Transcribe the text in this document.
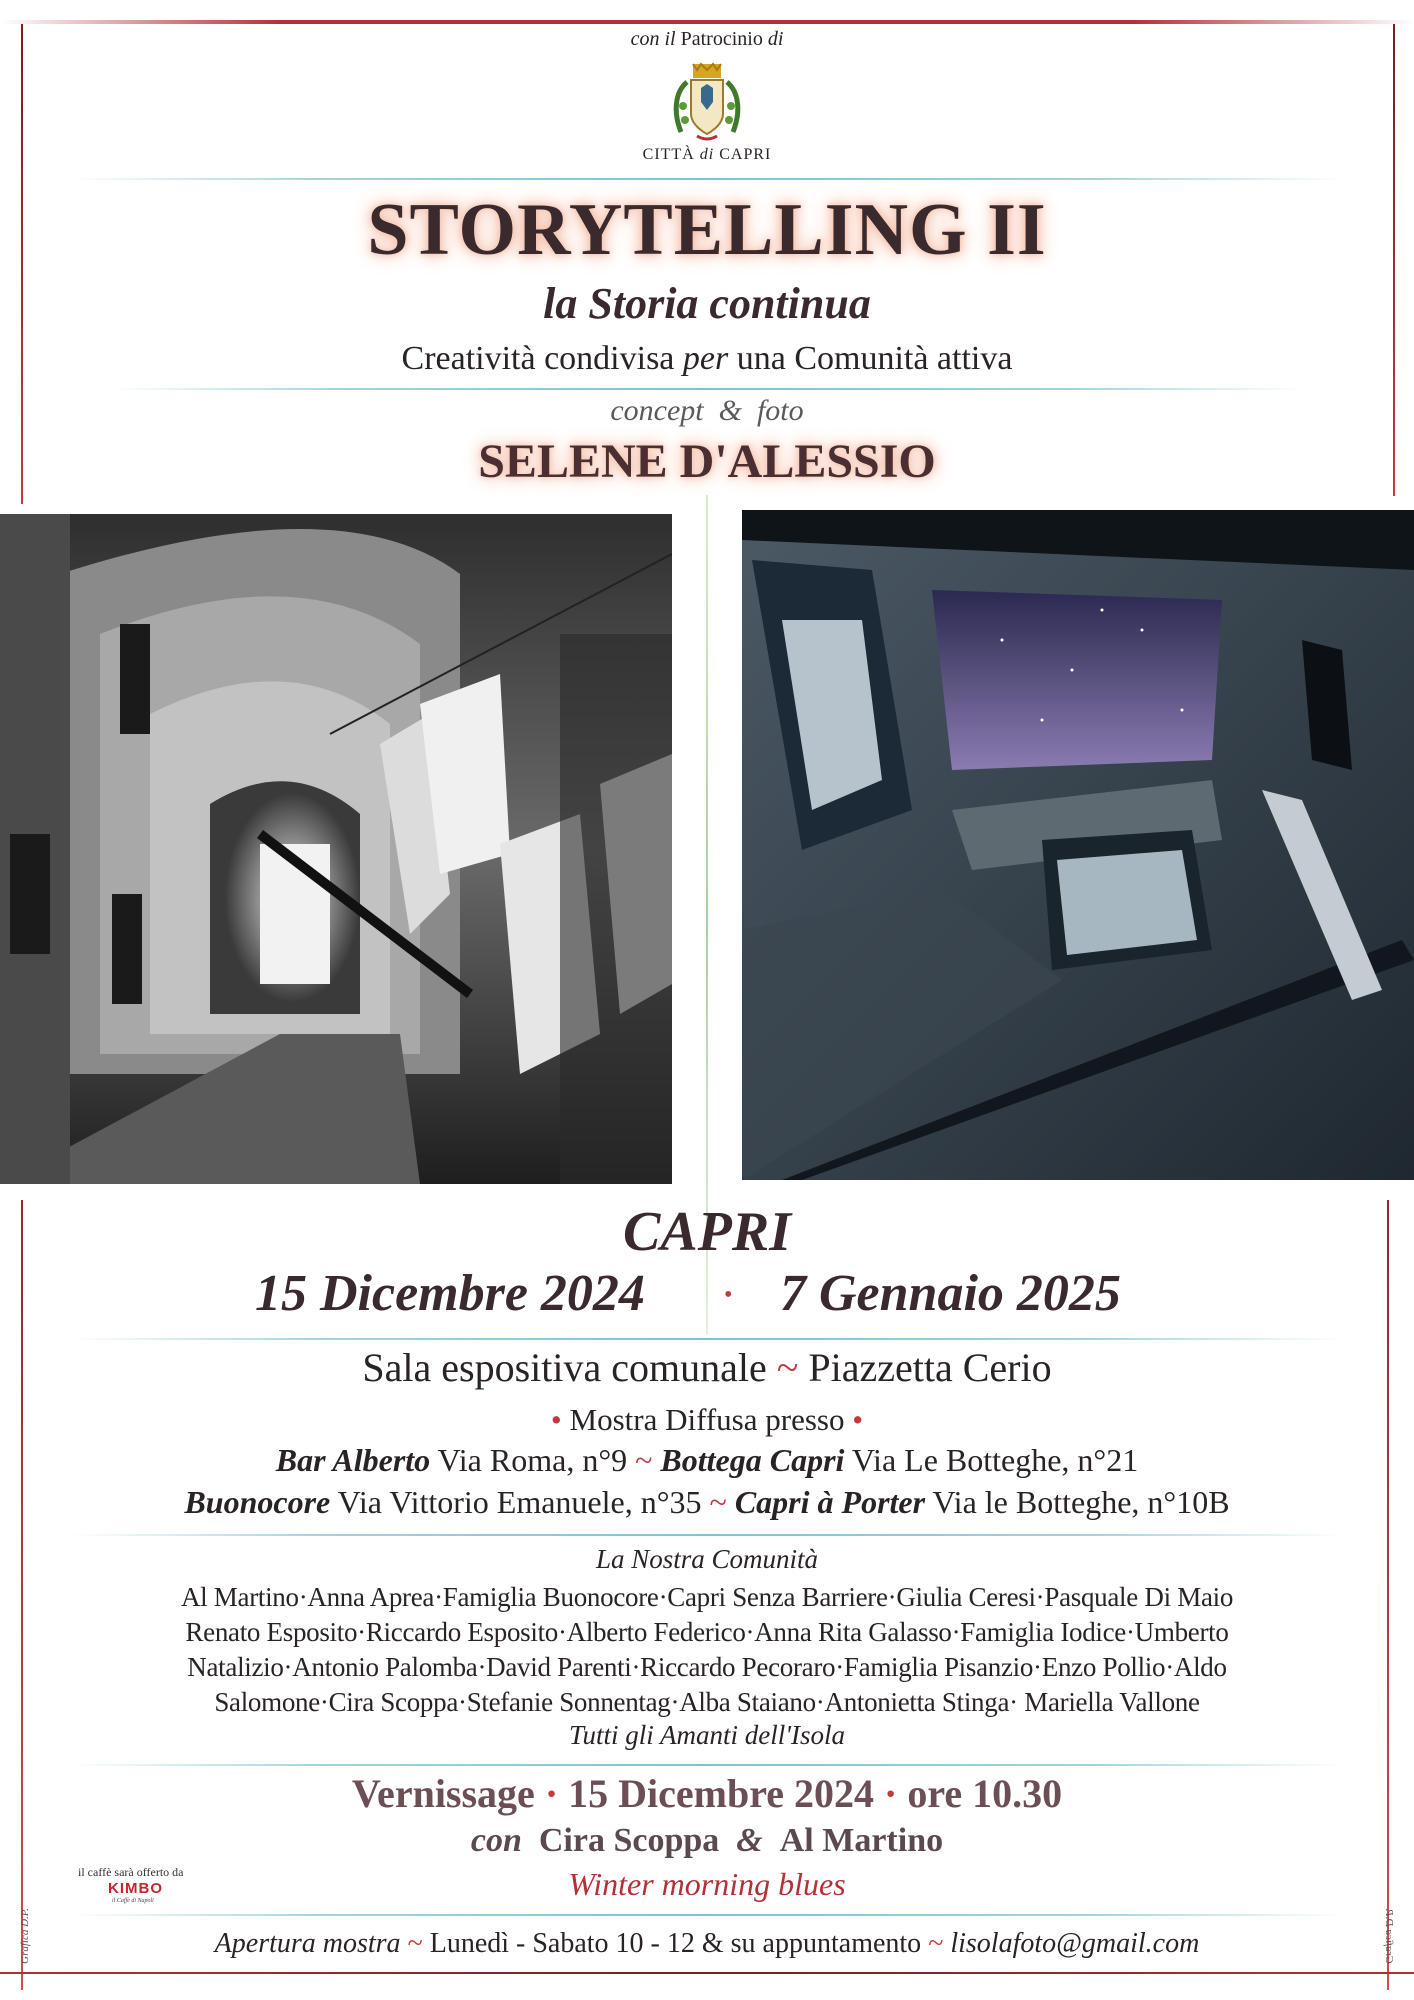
con il Patrocinio di
CITTÀ di CAPRI
STORYTELLING II
la Storia continua
Creatività condivisa per una Comunità attiva
concept & foto
SELENE D'ALESSIO
CAPRI
15 Dicembre 2024	• 7 Gennaio 2025
Sala espositiva comunale ~ Piazzetta Cerio
• Mostra Diffusa presso •
Bar Alberto Via Roma, n°9 ~ Bottega Capri Via Le Botteghe, n°21
Buonocore Via Vittorio Emanuele, n°35 ~ Capri à Porter Via le Botteghe, n°10B
La Nostra Comunità
Al Martino·Anna Aprea·Famiglia Buonocore·Capri Senza Barriere·Giulia Ceresi·Pasquale Di Maio
Renato Esposito·Riccardo Esposito·Alberto Federico·Anna Rita Galasso·Famiglia Iodice·Umberto
Natalizio·Antonio Palomba·David Parenti·Riccardo Pecoraro·Famiglia Pisanzio·Enzo Pollio·Aldo
Salomone·Cira Scoppa·Stefanie Sonnentag·Alba Staiano·Antonietta Stinga· Mariella Vallone
Tutti gli Amanti dell'Isola
Vernissage · 15 Dicembre 2024 · ore 10.30
con Cira Scoppa & Al Martino
Winter morning blues
il caffè sarà offerto da
KIMBO
il Caffè di Napoli
Apertura mostra ~ Lunedì - Sabato 10 - 12 & su appuntamento ~ lisolafoto@gmail.com
Grafica D.P.	Grafica D.P.
